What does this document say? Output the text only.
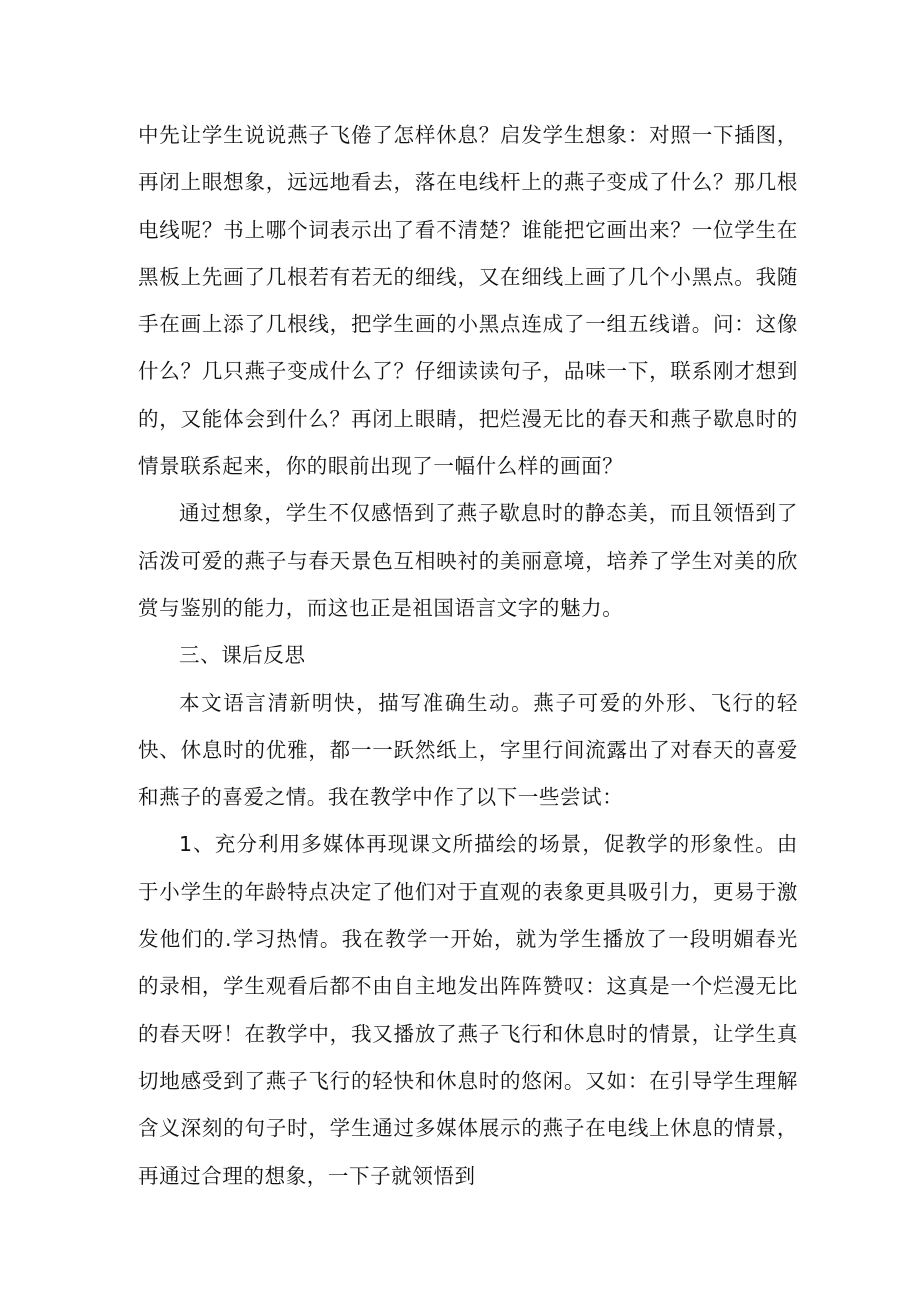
中先让学生说说燕子飞倦了怎样休息？启发学生想象：对照一下插图，再闭上眼想象，远远地看去，落在电线杆上的燕子变成了什么？那几根电线呢？书上哪个词表示出了看不清楚？谁能把它画出来？一位学生在黑板上先画了几根若有若无的细线，又在细线上画了几个小黑点。我随手在画上添了几根线，把学生画的小黑点连成了一组五线谱。问：这像什么？几只燕子变成什么了？仔细读读句子，品味一下，联系刚才想到的，又能体会到什么？再闭上眼睛，把烂漫无比的春天和燕子歇息时的情景联系起来，你的眼前出现了一幅什么样的画面？

通过想象，学生不仅感悟到了燕子歇息时的静态美，而且领悟到了活泼可爱的燕子与春天景色互相映衬的美丽意境，培养了学生对美的欣赏与鉴别的能力，而这也正是祖国语言文字的魅力。

三、课后反思

本文语言清新明快，描写准确生动。燕子可爱的外形、飞行的轻快、休息时的优雅，都一一跃然纸上，字里行间流露出了对春天的喜爱和燕子的喜爱之情。我在教学中作了以下一些尝试：

1、充分利用多媒体再现课文所描绘的场景，促教学的形象性。由于小学生的年龄特点决定了他们对于直观的表象更具吸引力，更易于激发他们的.学习热情。我在教学一开始，就为学生播放了一段明媚春光的录相，学生观看后都不由自主地发出阵阵赞叹：这真是一个烂漫无比的春天呀！在教学中，我又播放了燕子飞行和休息时的情景，让学生真切地感受到了燕子飞行的轻快和休息时的悠闲。又如：在引导学生理解含义深刻的句子时，学生通过多媒体展示的燕子在电线上休息的情景，再通过合理的想象，一下子就领悟到
